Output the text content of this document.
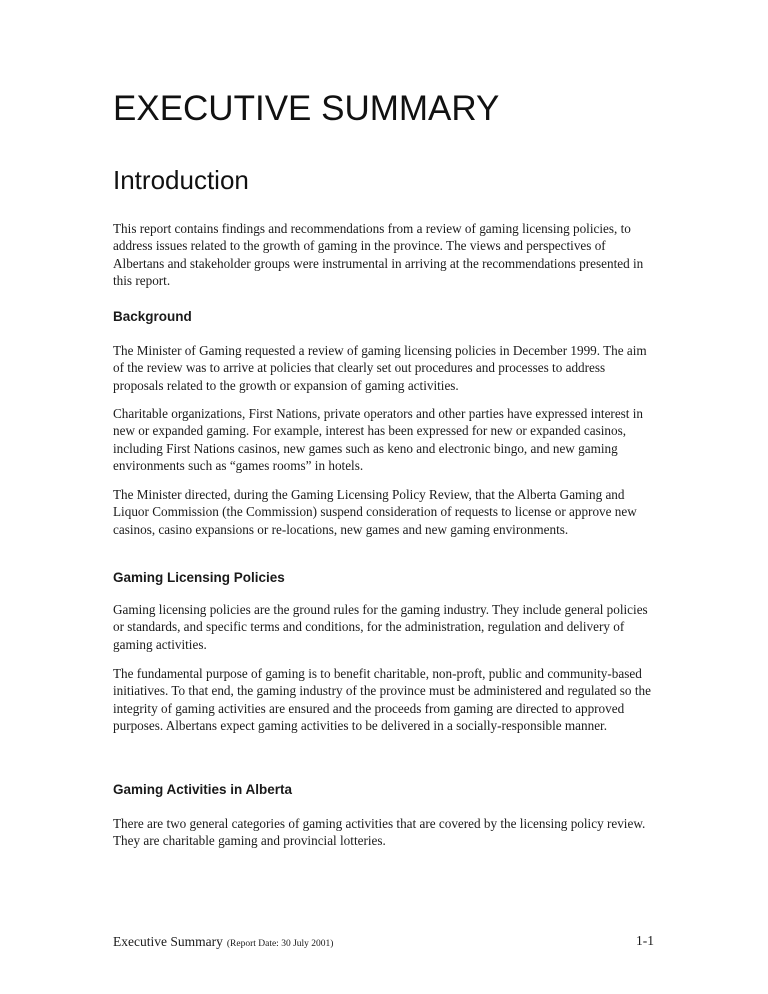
EXECUTIVE SUMMARY
Introduction

This report contains findings and recommendations from a review of gaming licensing policies, to address issues related to the growth of gaming in the province. The views and perspectives of Albertans and stakeholder groups were instrumental in arriving at the recommendations presented in this report.

Background

The Minister of Gaming requested a review of gaming licensing policies in December 1999. The aim of the review was to arrive at policies that clearly set out procedures and processes to address proposals related to the growth or expansion of gaming activities.

Charitable organizations, First Nations, private operators and other parties have expressed interest in new or expanded gaming. For example, interest has been expressed for new or expanded casinos, including First Nations casinos, new games such as keno and electronic bingo, and new gaming environments such as “games rooms” in hotels.

The Minister directed, during the Gaming Licensing Policy Review, that the Alberta Gaming and Liquor Commission (the Commission) suspend consideration of requests to license or approve new casinos, casino expansions or re-locations, new games and new gaming environments.

Gaming Licensing Policies

Gaming licensing policies are the ground rules for the gaming industry. They include general policies or standards, and specific terms and conditions, for the administration, regulation and delivery of gaming activities.

The fundamental purpose of gaming is to benefit charitable, non-proft, public and community-based initiatives. To that end, the gaming industry of the province must be administered and regulated so the integrity of gaming activities are ensured and the proceeds from gaming are directed to approved purposes. Albertans expect gaming activities to be delivered in a socially-responsible manner.

Gaming Activities in Alberta

There are two general categories of gaming activities that are covered by the licensing policy review. They are charitable gaming and provincial lotteries.

Executive Summary (Report Date: 30 July 2001)	1-1
